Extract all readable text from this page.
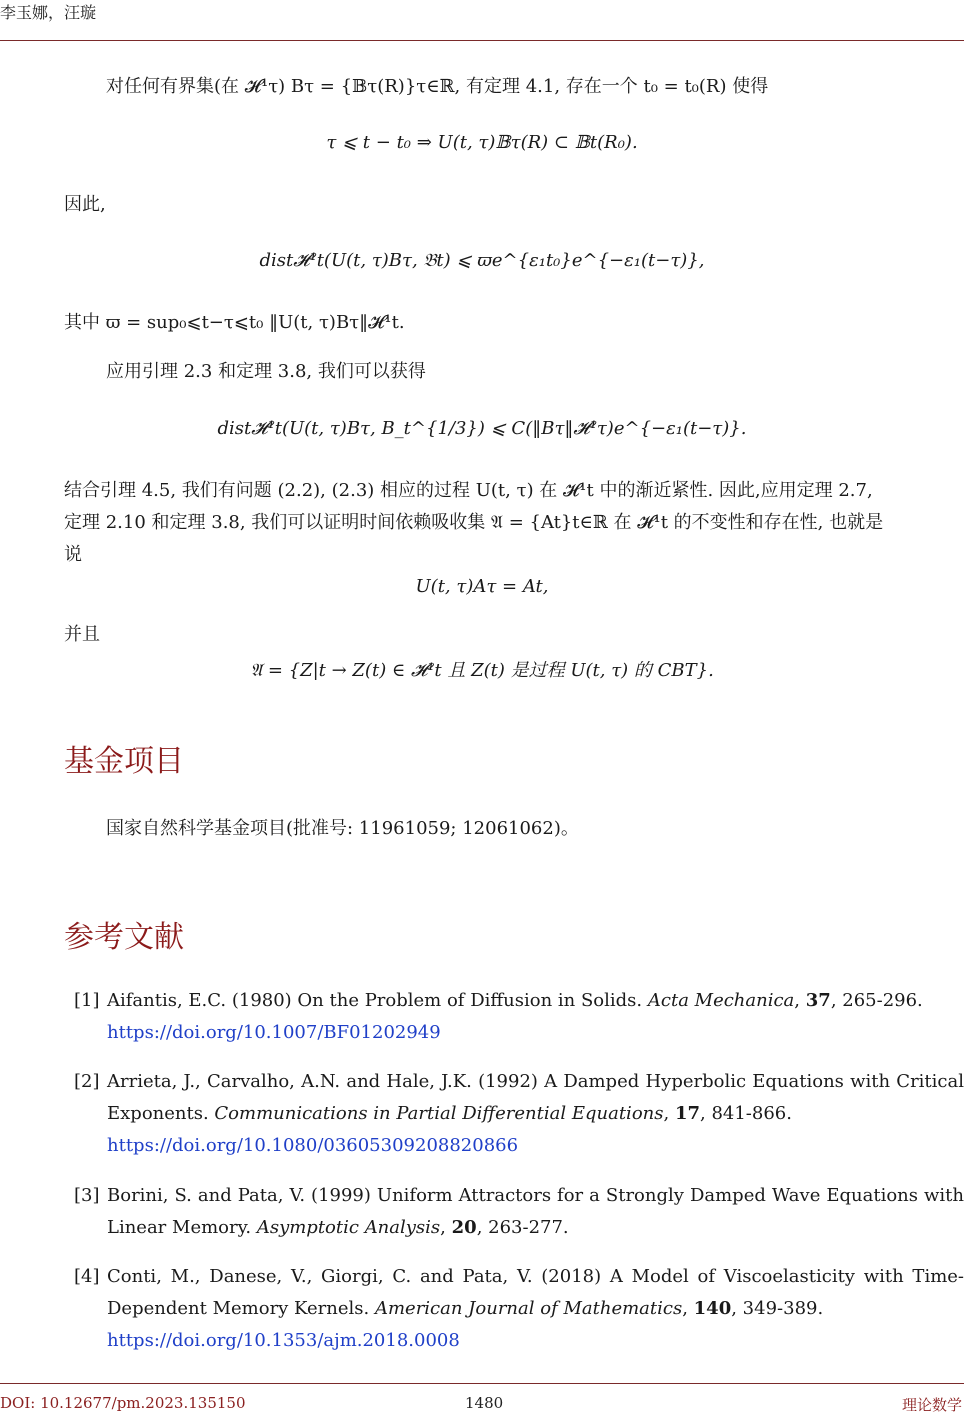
李玉娜，汪璇
对任何有界集(在 𝓗¹τ) Bτ = {𝔹τ(R)}τ∈ℝ, 有定理 4.1, 存在一个 t₀ = t₀(R) 使得
τ ⩽ t − t₀ ⇒ U(t, τ)𝔹τ(R) ⊂ 𝔹t(R₀).
因此,
dist𝓗¹t(U(t, τ)Bτ, 𝔅t) ⩽ ϖe^{ε₁t₀}e^{−ε₁(t−τ)},
其中 ϖ = sup₀⩽t−τ⩽t₀ ‖U(t, τ)Bτ‖𝓗¹t.
应用引理 2.3 和定理 3.8, 我们可以获得
dist𝓗¹t(U(t, τ)Bτ, B_t^{1/3}) ⩽ C(‖Bτ‖𝓗¹τ)e^{−ε₁(t−τ)}.
结合引理 4.5, 我们有问题 (2.2), (2.3) 相应的过程 U(t, τ) 在 𝓗¹t 中的渐近紧性. 因此,应用定理 2.7,
定理 2.10 和定理 3.8, 我们可以证明时间依赖吸收集 𝔄 = {At}t∈ℝ 在 𝓗¹t 的不变性和存在性, 也就是
说
U(t, τ)Aτ = At,
并且
𝔄 = {Z|t → Z(t) ∈ 𝓗¹t 且 Z(t) 是过程 U(t, τ) 的 CBT}.
基金项目
国家自然科学基金项目(批准号: 11961059; 12061062)。
参考文献
[1] Aifantis, E.C. (1980) On the Problem of Diffusion in Solids. Acta Mechanica, 37, 265-296.
https://doi.org/10.1007/BF01202949
[2] Arrieta, J., Carvalho, A.N. and Hale, J.K. (1992) A Damped Hyperbolic Equations with Critical Exponents. Communications in Partial Differential Equations, 17, 841-866.
https://doi.org/10.1080/03605309208820866
[3] Borini, S. and Pata, V. (1999) Uniform Attractors for a Strongly Damped Wave Equations with Linear Memory. Asymptotic Analysis, 20, 263-277.
[4] Conti, M., Danese, V., Giorgi, C. and Pata, V. (2018) A Model of Viscoelasticity with Time-Dependent Memory Kernels. American Journal of Mathematics, 140, 349-389.
https://doi.org/10.1353/ajm.2018.0008
DOI: 10.12677/pm.2023.135150	1480	理论数学
